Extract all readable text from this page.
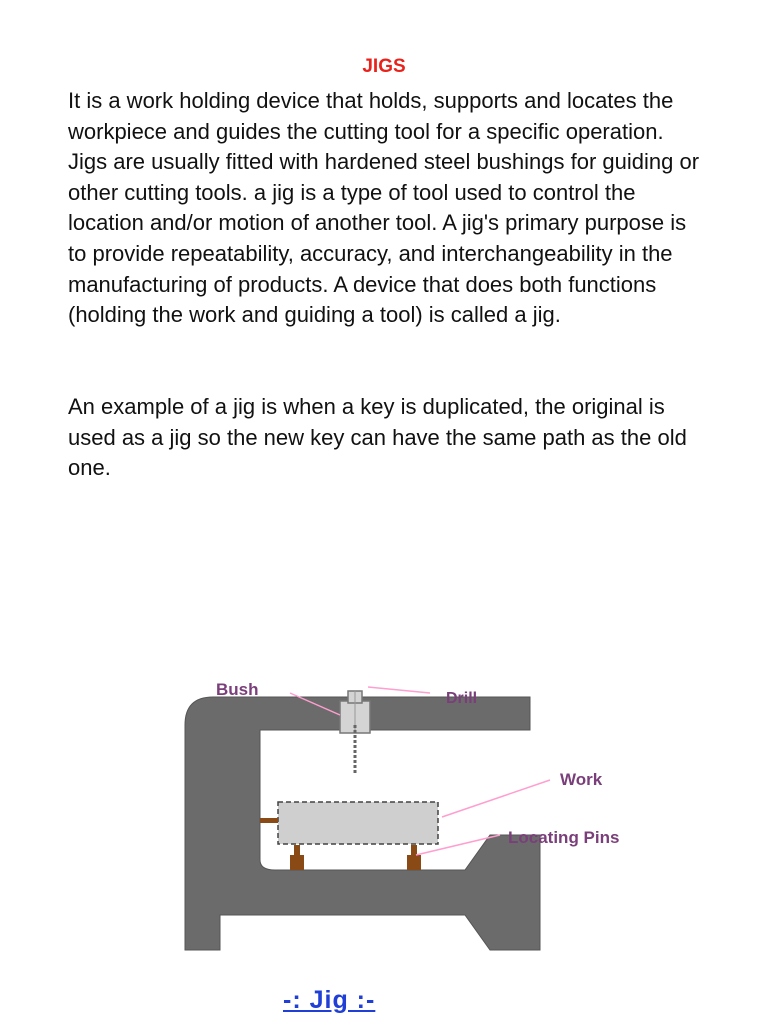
JIGS

It is a work holding device that holds, supports and locates the workpiece and guides the cutting tool for a specific operation. Jigs are usually fitted with hardened steel bushings for guiding or other cutting tools. a jig is a type of tool used to control the location and/or motion of another tool. A jig's primary purpose is to provide repeatability, accuracy, and interchangeability in the manufacturing of products. A device that does both functions (holding the work and guiding a tool) is called a jig.

An example of a jig is when a key is duplicated, the original is used as a jig so the new key can have the same path as the old one.

Bush	Drill
Work
Locating Pins
-: Jig :-
